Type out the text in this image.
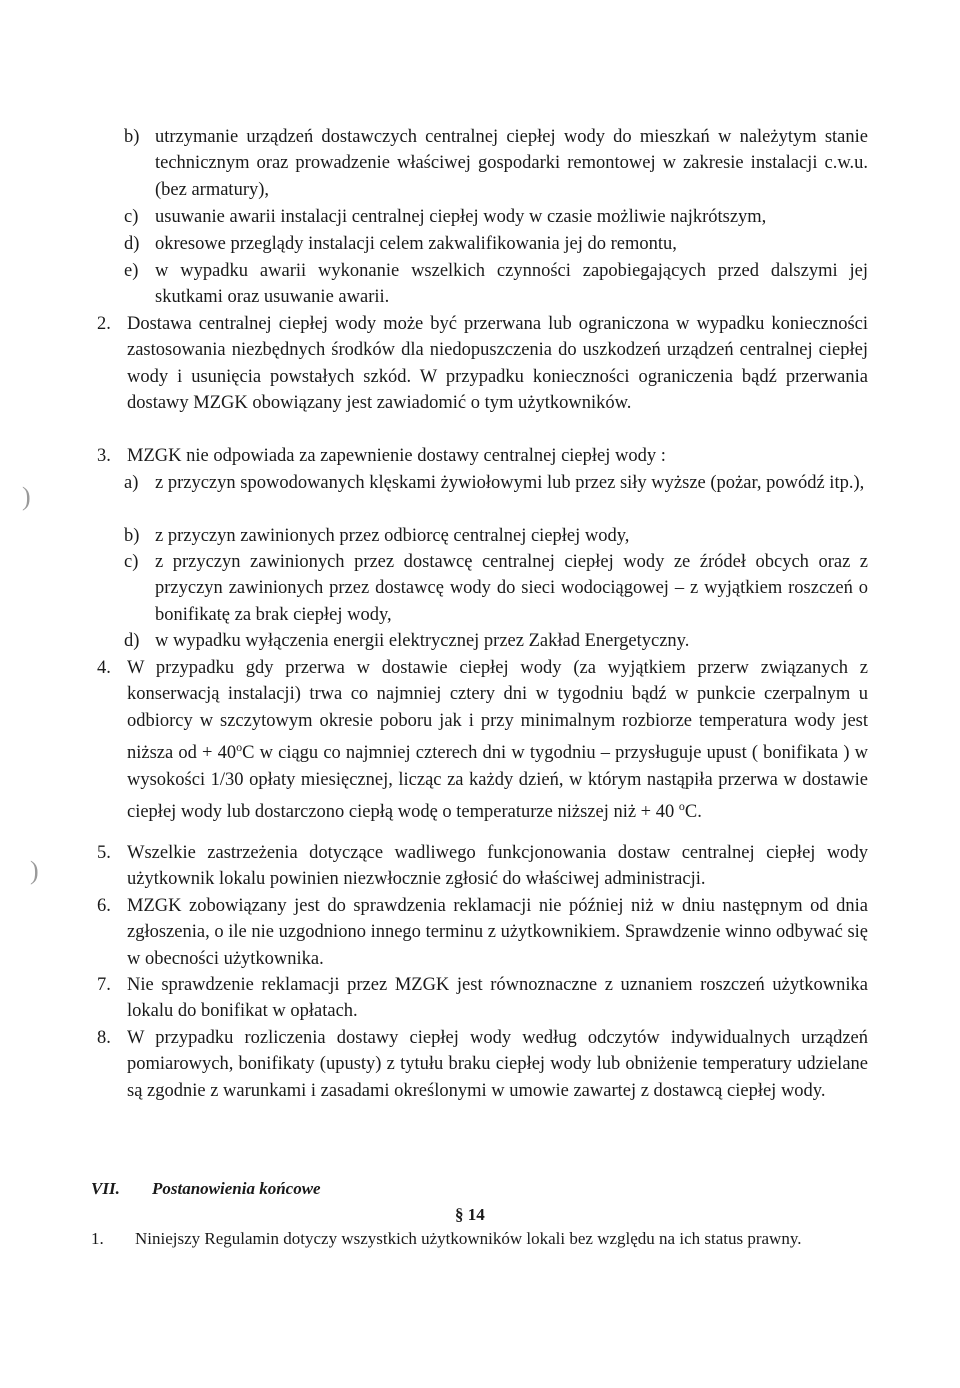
b) utrzymanie urządzeń dostawczych centralnej ciepłej wody do mieszkań w należytym stanie technicznym oraz prowadzenie właściwej gospodarki remontowej w zakresie instalacji c.w.u. (bez armatury),
c) usuwanie awarii instalacji centralnej ciepłej wody w czasie możliwie najkrótszym,
d) okresowe przeglądy instalacji celem zakwalifikowania jej do remontu,
e) w wypadku awarii wykonanie wszelkich czynności zapobiegających przed dalszymi jej skutkami oraz usuwanie awarii.
2. Dostawa centralnej ciepłej wody może być przerwana lub ograniczona w wypadku konieczności zastosowania niezbędnych środków dla niedopuszczenia do uszkodzeń urządzeń centralnej ciepłej wody i usunięcia powstałych szkód. W przypadku konieczności ograniczenia bądź przerwania dostawy MZGK obowiązany jest zawiadomić o tym użytkowników.
3. MZGK nie odpowiada za zapewnienie dostawy centralnej ciepłej wody :
a) z przyczyn spowodowanych klęskami żywiołowymi lub przez siły wyższe (pożar, powódź itp.),
b) z przyczyn zawinionych przez odbiorcę centralnej ciepłej wody,
c) z przyczyn zawinionych przez dostawcę centralnej ciepłej wody ze źródeł obcych oraz z przyczyn zawinionych przez dostawcę wody do sieci wodociągowej – z wyjątkiem roszczeń o bonifikatę za brak ciepłej wody,
d) w wypadku wyłączenia energii elektrycznej przez Zakład Energetyczny.
4. W przypadku gdy przerwa w dostawie ciepłej wody (za wyjątkiem przerw związanych z konserwacją instalacji) trwa co najmniej cztery dni w tygodniu bądź w punkcie czerpalnym u odbiorcy w szczytowym okresie poboru jak i przy minimalnym rozbiorze temperatura wody jest niższa od + $40^oC$ w ciągu co najmniej czterech dni w tygodniu – przysługuje upust ( bonifikata ) w wysokości 1/30 opłaty miesięcznej, licząc za każdy dzień, w którym nastąpiła przerwa w dostawie ciepłej wody lub dostarczono ciepłą wodę o temperaturze niższej niż + 40 $^o$C.
5. Wszelkie zastrzeżenia dotyczące wadliwego funkcjonowania dostaw centralnej ciepłej wody użytkownik lokalu powinien niezwłocznie zgłosić do właściwej administracji.
6. MZGK zobowiązany jest do sprawdzenia reklamacji nie później niż w dniu następnym od dnia zgłoszenia, o ile nie uzgodniono innego terminu z użytkownikiem. Sprawdzenie winno odbywać się w obecności użytkownika.
7. Nie sprawdzenie reklamacji przez MZGK jest równoznaczne z uznaniem roszczeń użytkownika lokalu do bonifikat w opłatach.
8. W przypadku rozliczenia dostawy ciepłej wody według odczytów indywidualnych urządzeń pomiarowych, bonifikaty (upusty) z tytułu braku ciepłej wody lub obniżenie temperatury udzielane są zgodnie z warunkami i zasadami określonymi w umowie zawartej z dostawcą ciepłej wody.
VII. Postanowienia końcowe
§ 14
1. Niniejszy Regulamin dotyczy wszystkich użytkowników lokali bez względu na ich status prawny.
)
)
